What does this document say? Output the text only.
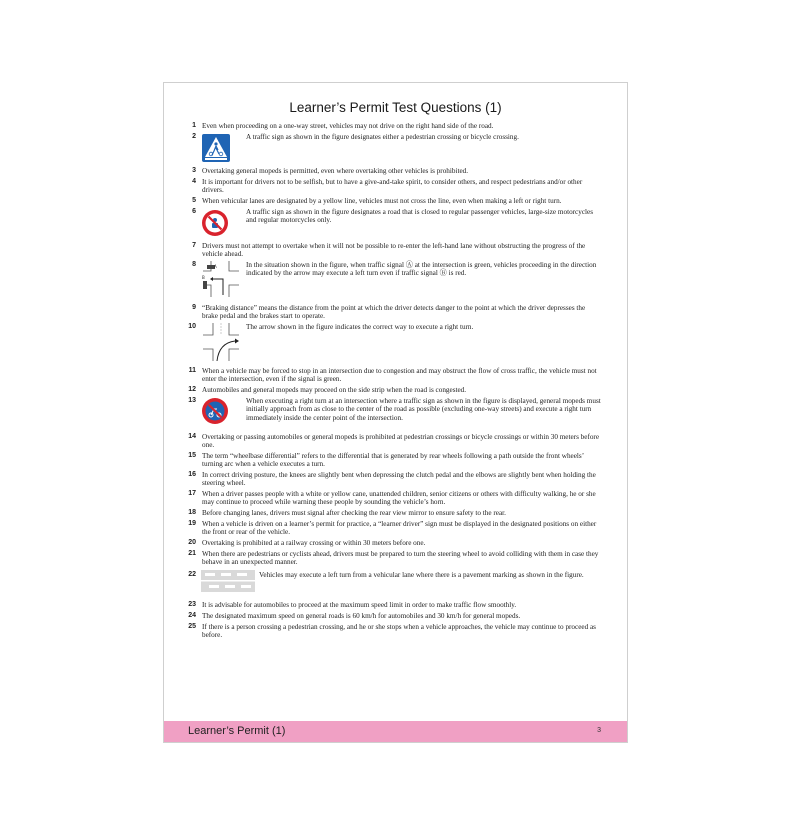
Learner’s Permit Test Questions (1)
1 Even when proceeding on a one-way street, vehicles may not drive on the right hand side of the road.
2	A traffic sign as shown in the figure designates either a pedestrian crossing or bicycle crossing.
3 Overtaking general mopeds is permitted, even where overtaking other vehicles is prohibited.
4 It is important for drivers not to be selfish, but to have a give-and-take spirit, to consider others, and respect pedestrians and/or other drivers.
5 When vehicular lanes are designated by a yellow line, vehicles must not cross the line, even when making a left or right turn.
6	A traffic sign as shown in the figure designates a road that is closed to regular passenger vehicles, large-size motorcycles and regular motorcycles only.
7 Drivers must not attempt to overtake when it will not be possible to re-enter the left-hand lane without obstructing the progress of the vehicle ahead.
8	In the situation shown in the figure, when traffic signal Ⓐ at the intersection is green, vehicles proceeding in the direction indicated by the arrow may execute a left turn even if traffic signal Ⓑ is red.
A
B
9 “Braking distance” means the distance from the point at which the driver detects danger to the point at which the driver depresses the brake pedal and the brakes start to operate.
10	The arrow shown in the figure indicates the correct way to execute a right turn.
11 When a vehicle may be forced to stop in an intersection due to congestion and may obstruct the flow of cross traffic, the vehicle must not enter the intersection, even if the signal is green.
12 Automobiles and general mopeds may proceed on the side strip when the road is congested.
13	When executing a right turn at an intersection where a traffic sign as shown in the figure is displayed, general mopeds must initially approach from as close to the center of the road as possible (excluding one-way streets) and execute a right turn immediately inside the center point of the intersection.
14 Overtaking or passing automobiles or general mopeds is prohibited at pedestrian crossings or bicycle crossings or within 30 meters before one.
15 The term “wheelbase differential” refers to the differential that is generated by rear wheels following a path outside the front wheels’ turning arc when a vehicle executes a turn.
16 In correct driving posture, the knees are slightly bent when depressing the clutch pedal and the elbows are slightly bent when holding the steering wheel.
17 When a driver passes people with a white or yellow cane, unattended children, senior citizens or others with difficulty walking, he or she may continue to proceed while warning these people by sounding the vehicle’s horn.
18 Before changing lanes, drivers must signal after checking the rear view mirror to ensure safety to the rear.
19 When a vehicle is driven on a learner’s permit for practice, a “learner driver” sign must be displayed in the designated positions on either the front or rear of the vehicle.
20 Overtaking is prohibited at a railway crossing or within 30 meters before one.
21 When there are pedestrians or cyclists ahead, drivers must be prepared to turn the steering wheel to avoid colliding with them in case they behave in an unexpected manner.
22	Vehicles may execute a left turn from a vehicular lane where there is a pavement marking as shown in the figure.
23 It is advisable for automobiles to proceed at the maximum speed limit in order to make traffic flow smoothly.
24 The designated maximum speed on general roads is 60 km/h for automobiles and 30 km/h for general mopeds.
25 If there is a person crossing a pedestrian crossing, and he or she stops when a vehicle approaches, the vehicle may continue to proceed as before.
Learner’s Permit (1)	3
